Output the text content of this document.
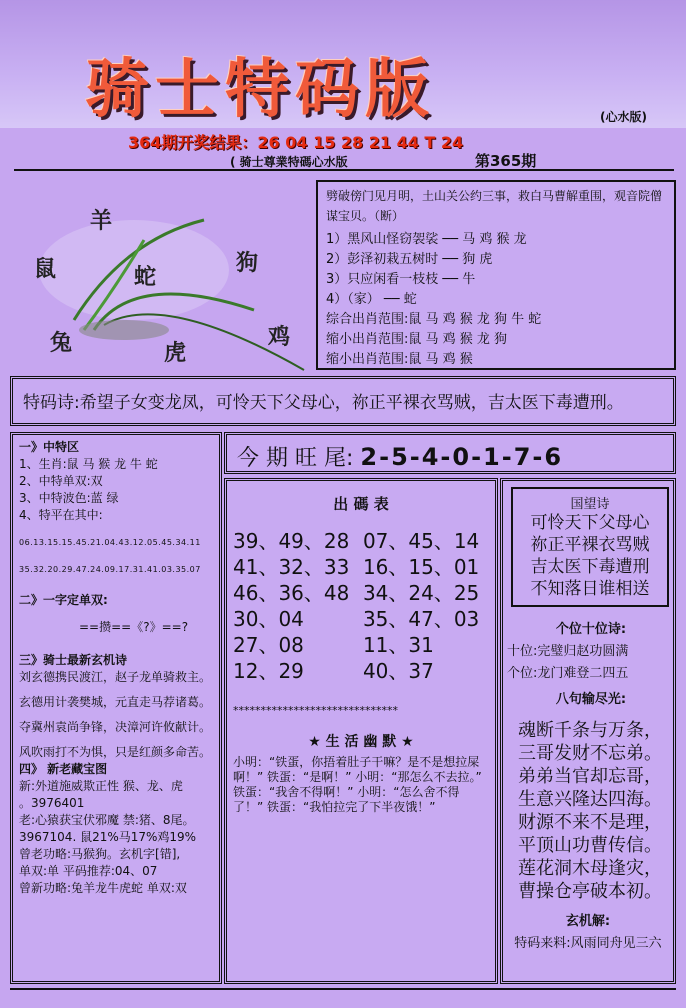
骑士特码版	(心水版)
364期开奖结果：26 04 15 28 21 44 T 24
( 骑士尊業特碼心水版	第365期
羊
鼠	蛇
狗
兔	虎
鸡
劈破傍门见月明，土山关公约三事，救白马曹解重围，观音院僧谋宝贝。（断）
1）黑风山怪窃袈裟 ── 马 鸡 猴 龙
2）彭泽初栽五树时 ── 狗 虎
3）只应闲看一枝枝 ── 牛
4）（家） ── 蛇
综合出肖范围:鼠 马 鸡 猴 龙 狗 牛 蛇
缩小出肖范围:鼠 马 鸡 猴 龙 狗
缩小出肖范围:鼠 马 鸡 猴
特码诗:希望子女变龙凤，可怜天下父母心，祢正平裸衣骂贼，吉太医下毒遭刑。
一》中特区
1、生肖:鼠 马 猴 龙 牛 蛇
2、中特单双:双
3、中特波色:蓝 绿
4、特平在其中:
06.13.15.15.45.21.04.43.12.05.45.34.11
35.32.20.29.47.24.09.17.31.41.03.35.07
二》一字定单双:
==攒==《?》==?
三》骑士最新玄机诗
刘玄德携民渡江，赵子龙单骑救主。
玄德用计袭樊城，元直走马荐诸葛。
夺冀州袁尚争锋，决漳河许攸献计。
风吹雨打不为惧，只是红颜多命苦。
四》 新老藏宝图
新:外道施威欺正性 猴、龙、虎
。3976401
老:心猿获宝伏邪魔 禁:猪、8尾。3967104. 鼠21%马17%鸡19%
曾老功略:马猴狗。玄机字[错],
单双:单 平码推荐:04、07
曾新功略:兔羊龙牛虎蛇 单双:双
今 期 旺 尾: 2-5-4-0-1-7-6
出 碼 表
39、49、28 07、45、14
41、32、33 16、15、01
46、36、48 34、24、25
30、04	35、47、03
27、08	11、31
12、29	40、37
******************************
★ 生 活 幽 默 ★
小明：“铁蛋，你捂着肚子干嘛？是不是想拉屎啊！” 铁蛋：“是啊！” 小明：“那怎么不去拉。” 铁蛋：“我舍不得啊！” 小明：“怎么舍不得了！” 铁蛋：“我怕拉完了下半夜饿！”
国望诗
可怜天下父母心
祢正平裸衣骂贼
吉太医下毒遭刑
不知落日谁相送
个位十位诗:
十位:完璧归赵功圆满
个位:龙门难登二四五
八句输尽光:
魂断千条与万条，
三哥发财不忘弟。
弟弟当官却忘哥，
生意兴隆达四海。
财源不来不是理，
平顶山功曹传信。
莲花洞木母逢灾，
曹操仓亭破本初。
玄机解:
特码来料:风雨同舟见三六
